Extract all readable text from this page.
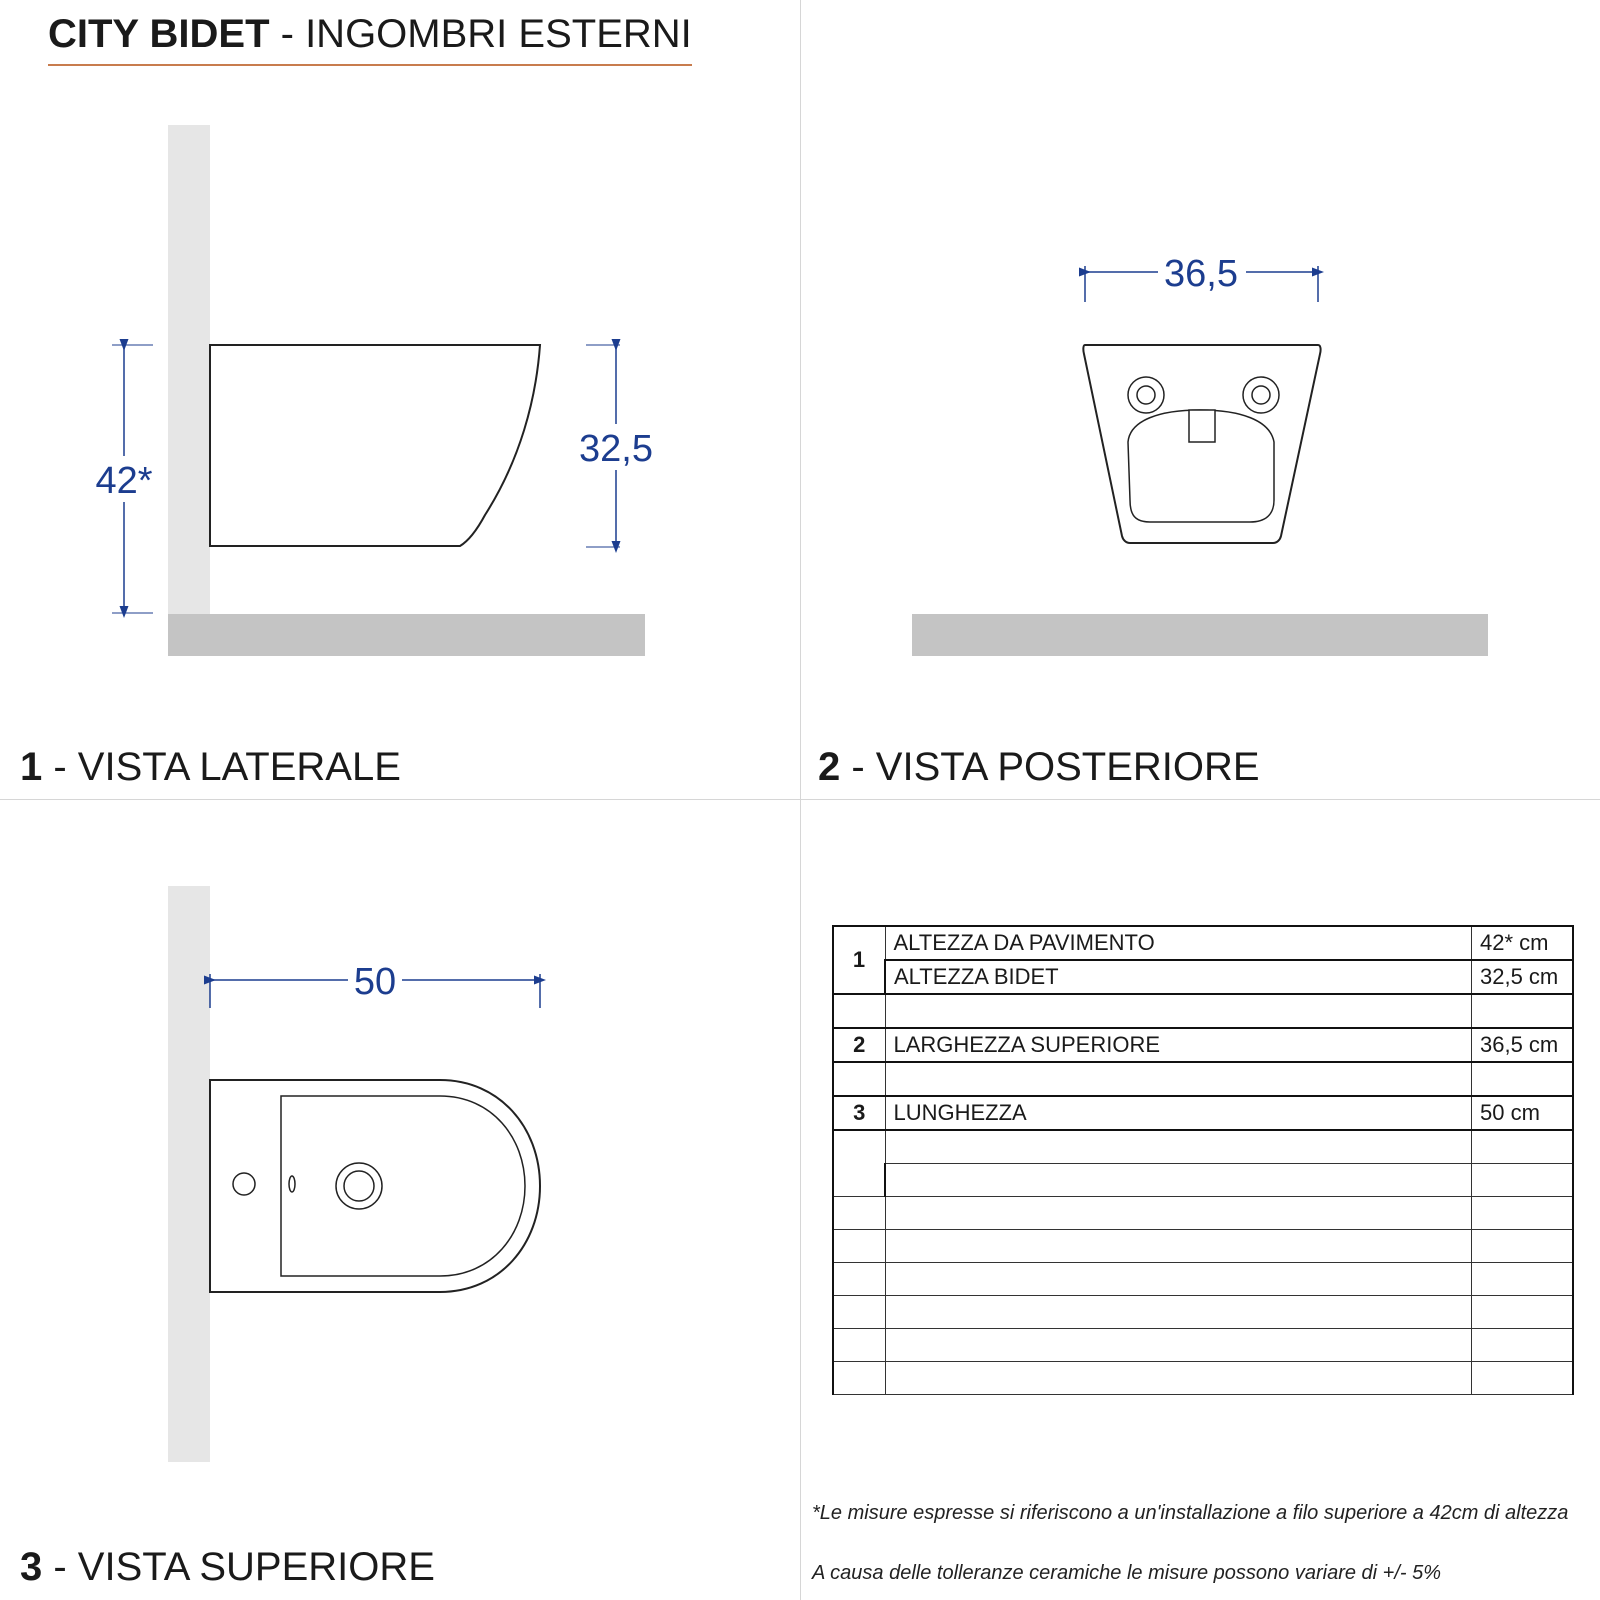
CITY BIDET - INGOMBRI ESTERNI
42*
32,5
36,5
50
1 - VISTA LATERALE	2 - VISTA POSTERIORE
3 - VISTA SUPERIORE
1	ALTEZZA DA PAVIMENTO	42* cm
	ALTEZZA BIDET	32,5 cm

2	LARGHEZZA SUPERIORE	36,5 cm

3	LUNGHEZZA	50 cm

*Le misure espresse si riferiscono a un'installazione a filo superiore a 42cm di altezza
A causa delle tolleranze ceramiche le misure possono variare di +/- 5%
